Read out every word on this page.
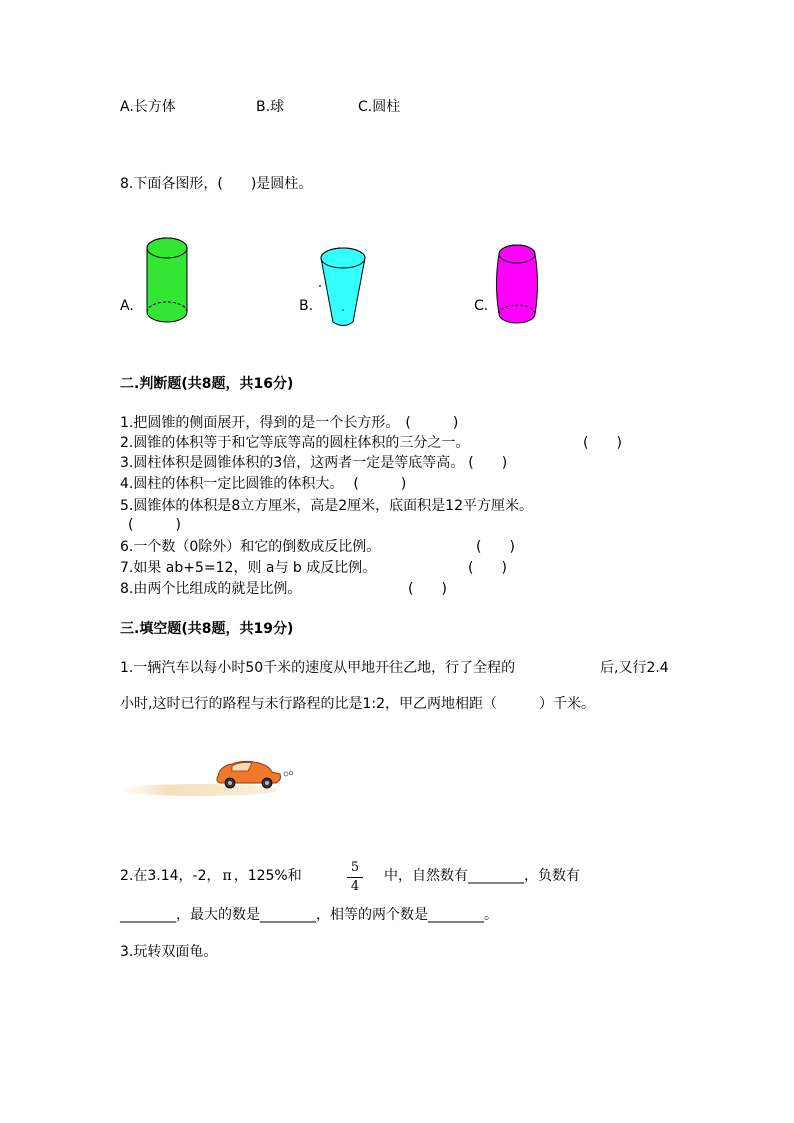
A.长方体	B.球	C.圆柱
8.下面各图形，(　　 )是圆柱。
A.	B.	C.
二.判断题(共8题，共16分)
1.把圆锥的侧面展开，得到的是一个长方形。 (　　　)
2.圆锥的体积等于和它等底等高的圆柱体积的三分之一。	(　　)
3.圆柱体积是圆锥体积的3倍，这两者一定是等底等高。 (　　)
4.圆柱的体积一定比圆锥的体积大。 (　　　)
5.圆锥体的体积是8立方厘米，高是2厘米，底面积是12平方厘米。
(　　　)
6.一个数（0除外）和它的倒数成反比例。	(　　)
7.如果 ab+5=12，则 a与 b 成反比例。	(　　)
8.由两个比组成的就是比例。	(　　)
三.填空题(共8题，共19分)
1.一辆汽车以每小时50千米的速度从甲地开往乙地，行了全程的	后,又行2.4
小时,这时已行的路程与未行路程的比是1:2，甲乙两地相距（　　　）千米。
2.在3.14，-2， π ，125%和
5
4
中，自然数有________，负数有
________，最大的数是________，相等的两个数是________。
3.玩转双面龟。
